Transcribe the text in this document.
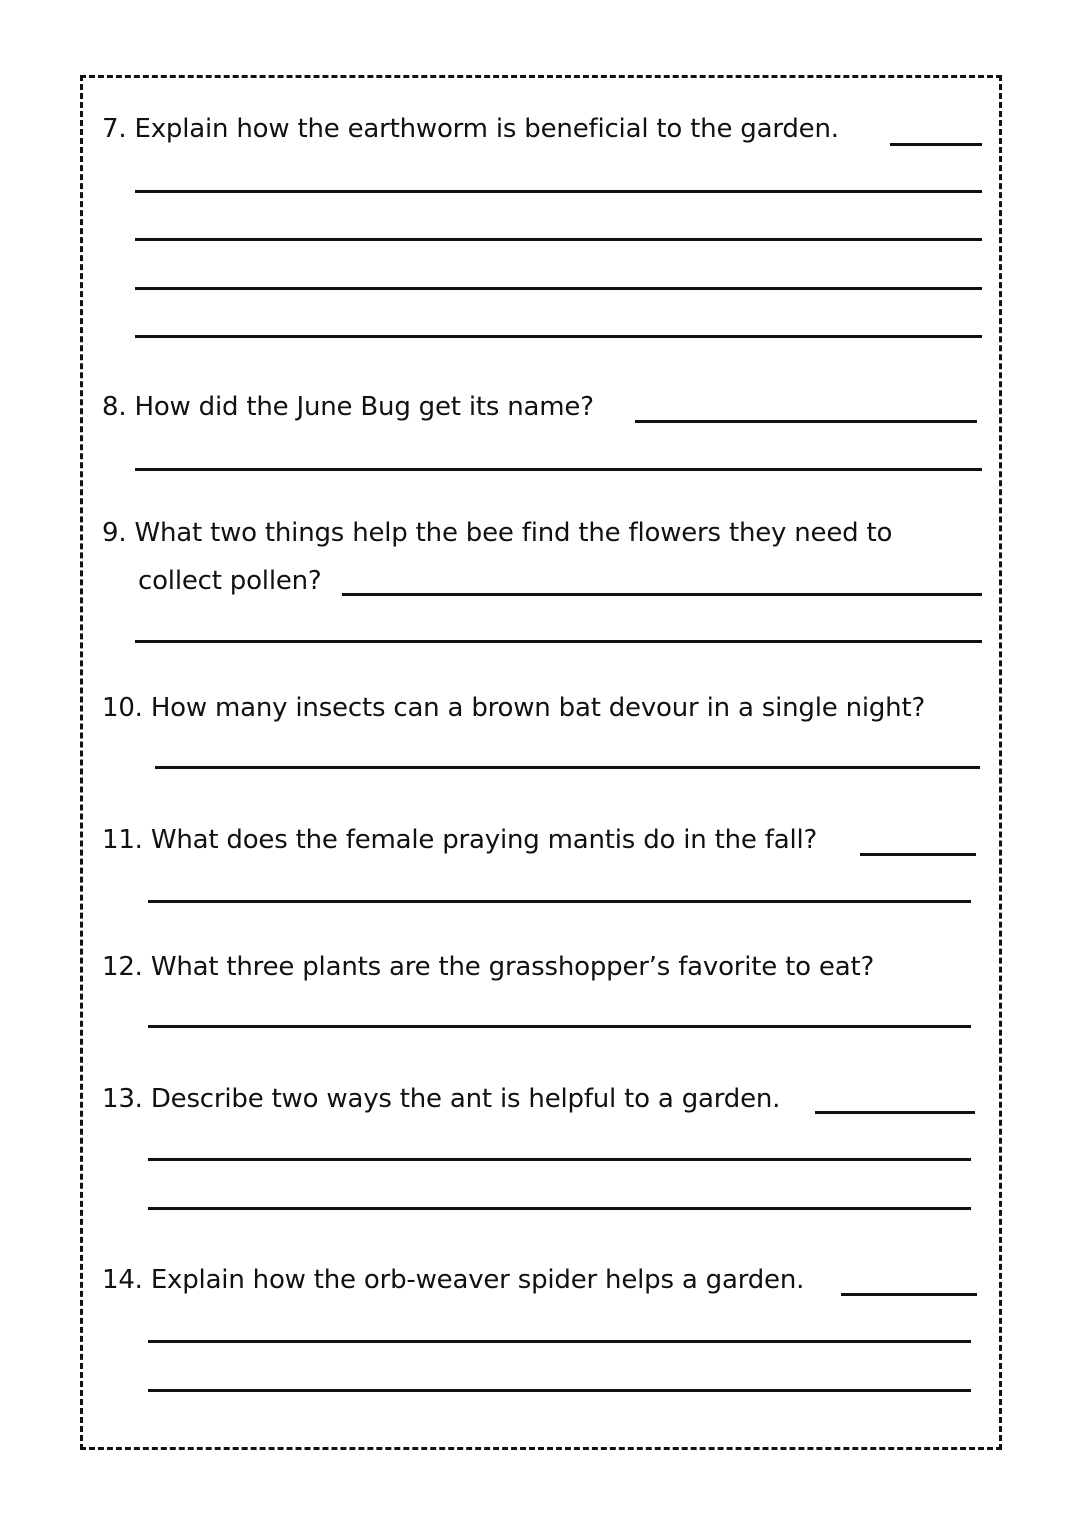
7. Explain how the earthworm is beneficial to the garden.
8. How did the June Bug get its name?
9. What two things help the bee find the flowers they need to
collect pollen?
10. How many insects can a brown bat devour in a single night?
11. What does the female praying mantis do in the fall?
12. What three plants are the grasshopper’s favorite to eat?
13. Describe two ways the ant is helpful to a garden.
14. Explain how the orb-weaver spider helps a garden.
